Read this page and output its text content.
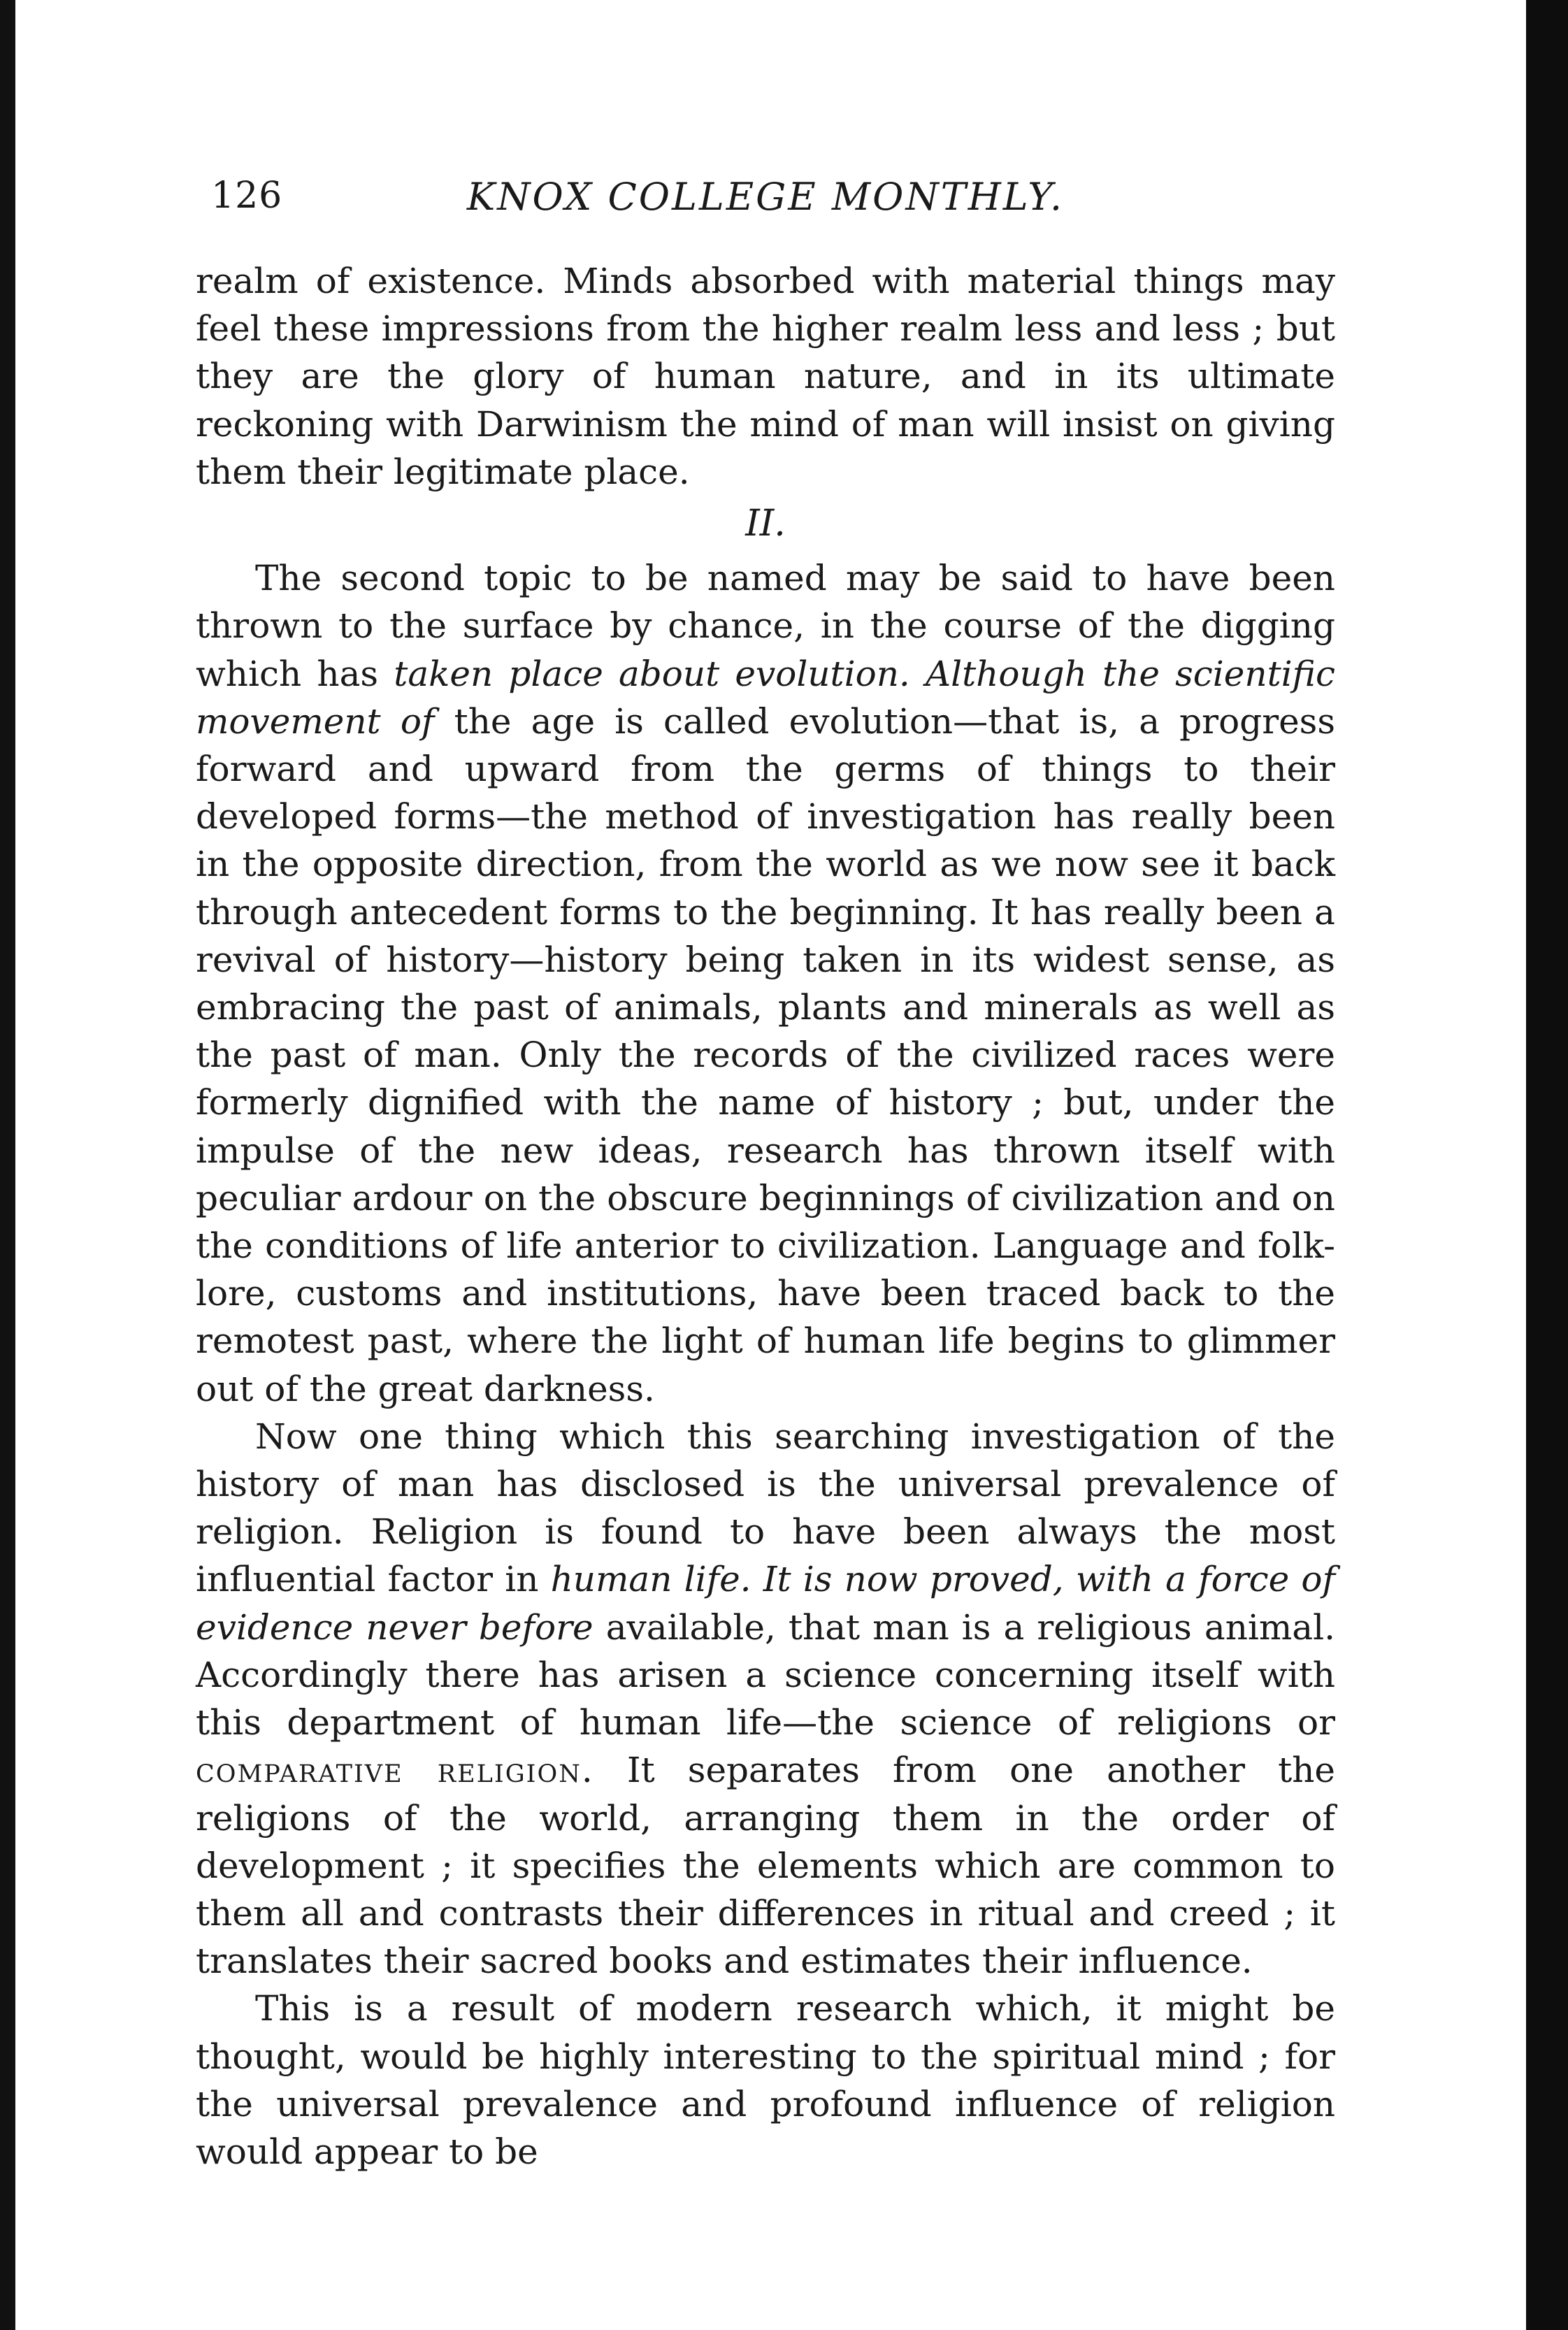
126	KNOX COLLEGE MONTHLY.

realm of existence. Minds absorbed with material things may feel these impressions from the higher realm less and less ; but they are the glory of human nature, and in its ultimate reckoning with Darwinism the mind of man will insist on giving them their legitimate place.

II.

The second topic to be named may be said to have been thrown to the surface by chance, in the course of the digging which has taken place about evolution. Although the scientific movement of the age is called evolution—that is, a progress forward and upward from the germs of things to their developed forms—the method of investigation has really been in the opposite direction, from the world as we now see it back through antecedent forms to the beginning. It has really been a revival of history—history being taken in its widest sense, as embracing the past of animals, plants and minerals as well as the past of man. Only the records of the civilized races were formerly dignified with the name of history ; but, under the impulse of the new ideas, research has thrown itself with peculiar ardour on the obscure beginnings of civilization and on the conditions of life anterior to civilization. Language and folk-lore, customs and institutions, have been traced back to the remotest past, where the light of human life begins to glimmer out of the great darkness.

Now one thing which this searching investigation of the history of man has disclosed is the universal prevalence of religion. Religion is found to have been always the most influential factor in human life. It is now proved, with a force of evidence never before available, that man is a religious animal. Accordingly there has arisen a science concerning itself with this department of human life—the science of religions or comparative religion. It separates from one another the religions of the world, arranging them in the order of development ; it specifies the elements which are common to them all and contrasts their differences in ritual and creed ; it translates their sacred books and estimates their influence.

This is a result of modern research which, it might be thought, would be highly interesting to the spiritual mind ; for the universal prevalence and profound influence of religion would appear to be
